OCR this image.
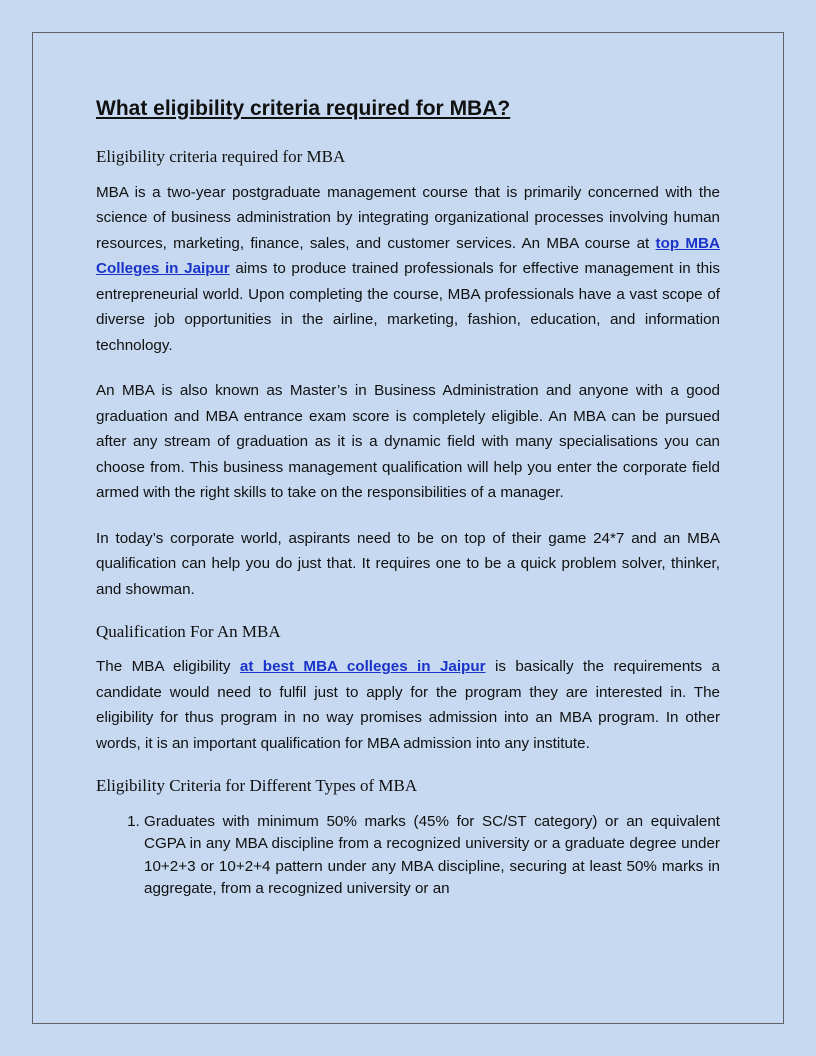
What eligibility criteria required for MBA?
Eligibility criteria required for MBA

MBA is a two-year postgraduate management course that is primarily concerned with the science of business administration by integrating organizational processes involving human resources, marketing, finance, sales, and customer services. An MBA course at top MBA Colleges in Jaipur aims to produce trained professionals for effective management in this entrepreneurial world. Upon completing the course, MBA professionals have a vast scope of diverse job opportunities in the airline, marketing, fashion, education, and information technology.

An MBA is also known as Master’s in Business Administration and anyone with a good graduation and MBA entrance exam score is completely eligible. An MBA can be pursued after any stream of graduation as it is a dynamic field with many specialisations you can choose from. This business management qualification will help you enter the corporate field armed with the right skills to take on the responsibilities of a manager.

In today’s corporate world, aspirants need to be on top of their game 24*7 and an MBA qualification can help you do just that. It requires one to be a quick problem solver, thinker, and showman.

Qualification For An MBA

The MBA eligibility at best MBA colleges in Jaipur is basically the requirements a candidate would need to fulfil just to apply for the program they are interested in. The eligibility for thus program in no way promises admission into an MBA program. In other words, it is an important qualification for MBA admission into any institute.

Eligibility Criteria for Different Types of MBA
1. Graduates with minimum 50% marks (45% for SC/ST category) or an equivalent CGPA in any MBA discipline from a recognized university or a graduate degree under 10+2+3 or 10+2+4 pattern under any MBA discipline, securing at least 50% marks in aggregate, from a recognized university or an
